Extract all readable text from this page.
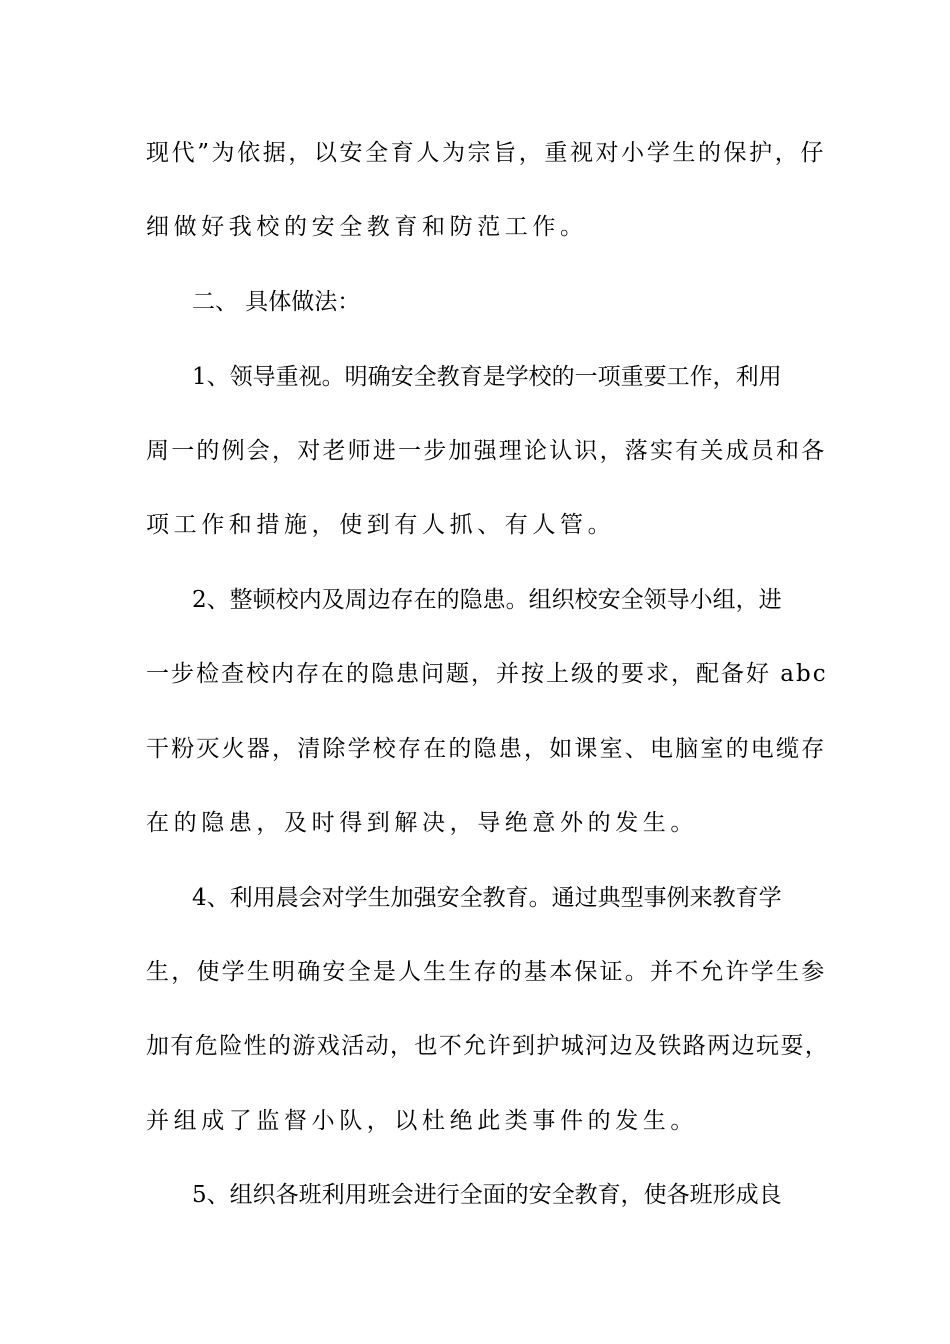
现代”为依据，以安全育人为宗旨，重视对小学生的保护，仔
细做好我校的安全教育和防范工作。
二、 具体做法：
1、领导重视。明确安全教育是学校的一项重要工作，利用
周一的例会，对老师进一步加强理论认识，落实有关成员和各
项工作和措施，使到有人抓、有人管。
2、整顿校内及周边存在的隐患。组织校安全领导小组，进
一步检查校内存在的隐患问题，并按上级的要求，配备好 abc
干粉灭火器，清除学校存在的隐患，如课室、电脑室的电缆存
在的隐患，及时得到解决，导绝意外的发生。
4、利用晨会对学生加强安全教育。通过典型事例来教育学
生，使学生明确安全是人生生存的基本保证。并不允许学生参
加有危险性的游戏活动，也不允许到护城河边及铁路两边玩耍，
并组成了监督小队，以杜绝此类事件的发生。
5、组织各班利用班会进行全面的安全教育，使各班形成良
